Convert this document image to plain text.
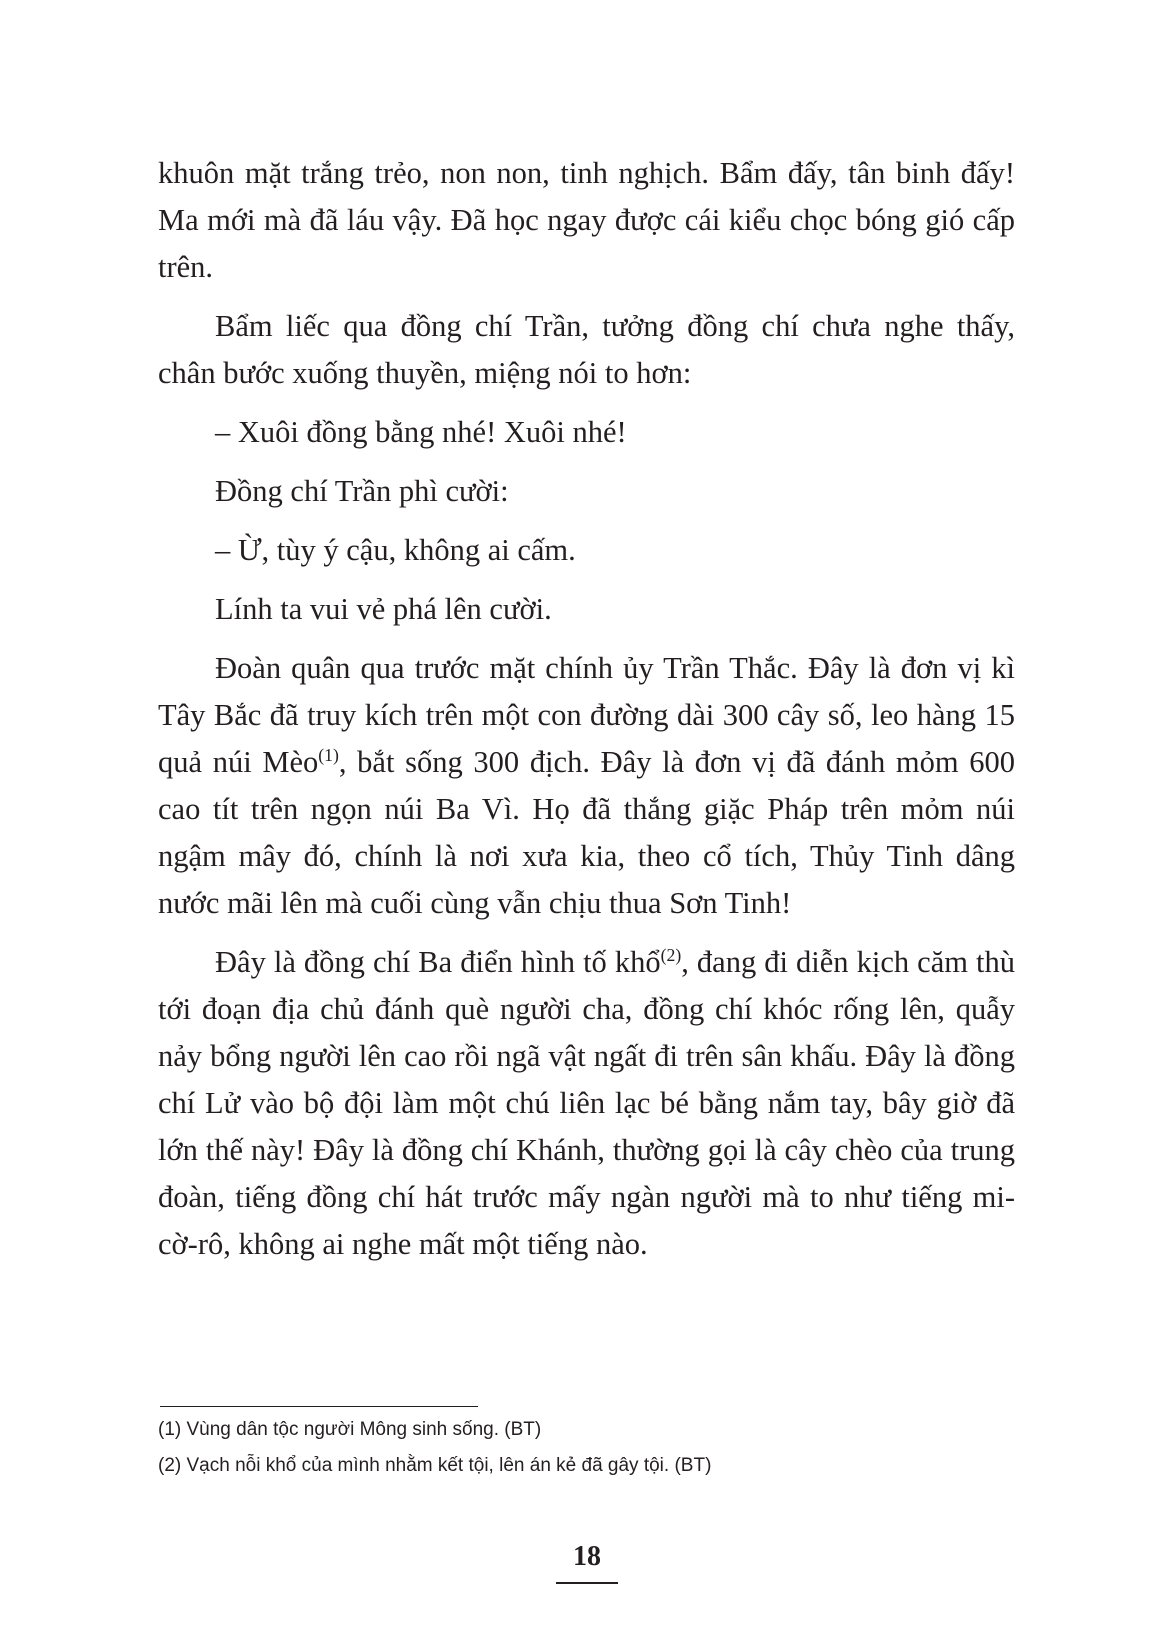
khuôn mặt trắng trẻo, non non, tinh nghịch. Bẩm đấy, tân binh đấy! Ma mới mà đã láu vậy. Đã học ngay được cái kiểu chọc bóng gió cấp trên.

Bẩm liếc qua đồng chí Trần, tưởng đồng chí chưa nghe thấy, chân bước xuống thuyền, miệng nói to hơn:

– Xuôi đồng bằng nhé! Xuôi nhé!

Đồng chí Trần phì cười:

– Ừ, tùy ý cậu, không ai cấm.

Lính ta vui vẻ phá lên cười.

Đoàn quân qua trước mặt chính ủy Trần Thắc. Đây là đơn vị kì Tây Bắc đã truy kích trên một con đường dài 300 cây số, leo hàng 15 quả núi Mèo$^{(1)}$, bắt sống 300 địch. Đây là đơn vị đã đánh mỏm 600 cao tít trên ngọn núi Ba Vì. Họ đã thắng giặc Pháp trên mỏm núi ngậm mây đó, chính là nơi xưa kia, theo cổ tích, Thủy Tinh dâng nước mãi lên mà cuối cùng vẫn chịu thua Sơn Tinh!

Đây là đồng chí Ba điển hình tố khổ$^{(2)}$, đang đi diễn kịch căm thù tới đoạn địa chủ đánh què người cha, đồng chí khóc rống lên, quẫy nảy bổng người lên cao rồi ngã vật ngất đi trên sân khấu. Đây là đồng chí Lử vào bộ đội làm một chú liên lạc bé bằng nắm tay, bây giờ đã lớn thế này! Đây là đồng chí Khánh, thường gọi là cây chèo của trung đoàn, tiếng đồng chí hát trước mấy ngàn người mà to như tiếng mi-cờ-rô, không ai nghe mất một tiếng nào.

(1) Vùng dân tộc người Mông sinh sống. (BT)

(2) Vạch nỗi khổ của mình nhằm kết tội, lên án kẻ đã gây tội. (BT)

18
